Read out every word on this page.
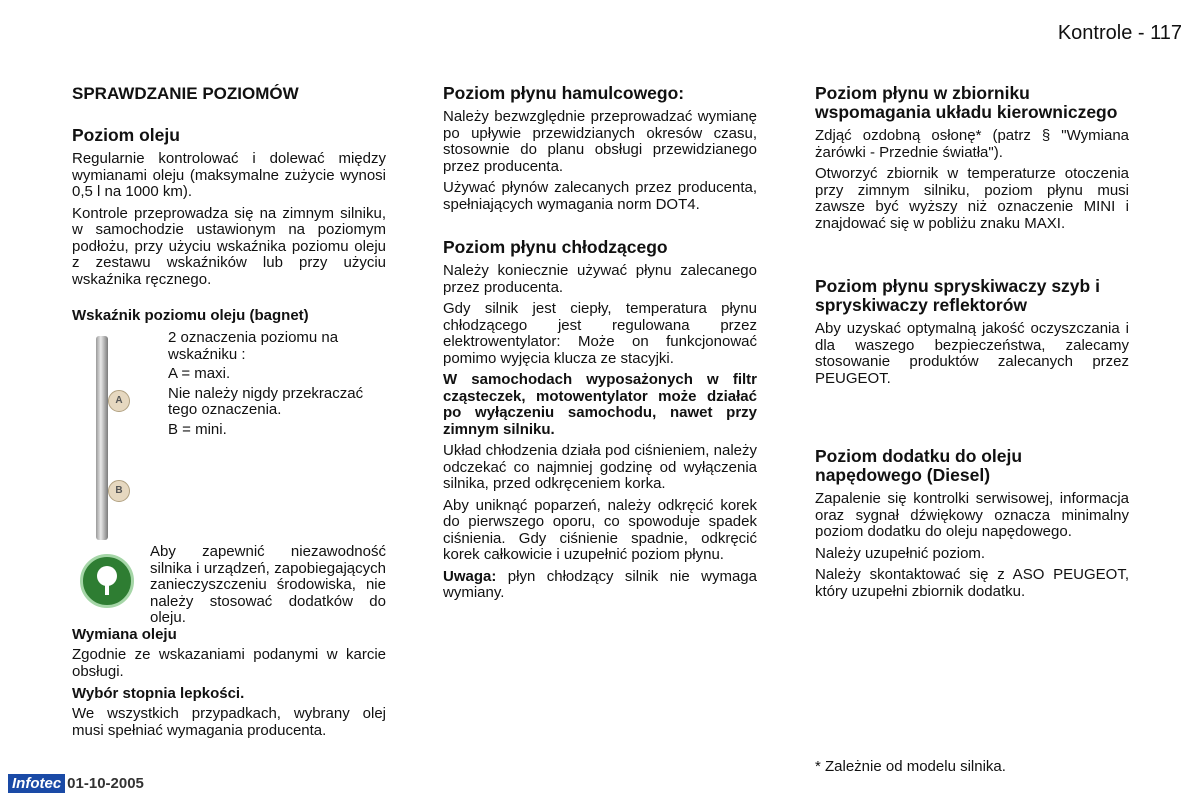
Kontrole - 117
SPRAWDZANIE POZIOMÓW
Poziom oleju

Regularnie kontrolować i dolewać między wymianami oleju (maksymalne zużycie wynosi 0,5 l na 1000 km).

Kontrole przeprowadza się na zimnym silniku, w samochodzie ustawionym na poziomym podłożu, przy użyciu wskaźnika poziomu oleju z zestawu wskaźników lub przy użyciu wskaźnika ręcznego.

Wskaźnik poziomu oleju (bagnet)
A
B

2 oznaczenia poziomu na wskaźniku :

A = maxi.

Nie należy nigdy przekraczać tego oznaczenia.

B = mini.

Aby zapewnić niezawodność silnika i urządzeń, zapobiegających zanieczyszczeniu środowiska, nie należy stosować dodatków do oleju.

Wymiana oleju

Zgodnie ze wskazaniami podanymi w karcie obsługi.

Wybór stopnia lepkości.

We wszystkich przypadkach, wybrany olej musi spełniać wymagania producenta.

Poziom płynu hamulcowego:

Należy bezwzględnie przeprowadzać wymianę po upływie przewidzianych okresów czasu, stosownie do planu obsługi przewidzianego przez producenta.

Używać płynów zalecanych przez producenta, spełniających wymagania norm DOT4.

Poziom płynu chłodzącego

Należy koniecznie używać płynu zalecanego przez producenta.

Gdy silnik jest ciepły, temperatura płynu chłodzącego jest regulowana przez elektrowentylator: Może on funkcjonować pomimo wyjęcia kluczа ze stacyjki.

W samochodach wyposażonych w filtr cząsteczek, motowentylator może działać po wyłączeniu samochodu, nawet przy zimnym silniku.

Układ chłodzenia działa pod ciśnieniem, należy odczekać co najmniej godzinę od wyłączenia silnika, przed odkręceniem korka.

Aby uniknąć poparzeń, należy odkręcić korek do pierwszego oporu, co spowoduje spadek ciśnienia. Gdy ciśnienie spadnie, odkręcić korek całkowicie i uzupełnić poziom płynu.

Uwaga: płyn chłodzący silnik nie wymaga wymiany.

Poziom płynu w zbiorniku wspomagania układu kierowniczego

Zdjąć ozdobną osłonę* (patrz § "Wymiana żarówki - Przednie światła").

Otworzyć zbiornik w temperaturze otoczenia przy zimnym silniku, poziom płynu musi zawsze być wyższy niż oznaczenie MINI i znajdować się w pobliżu znaku MAXI.

Poziom płynu spryskiwaczy szyb i spryskiwaczy reflektorów

Aby uzyskać optymalną jakość oczyszczania i dla waszego bezpieczeństwa, zalecamy stosowanie produktów zalecanych przez PEUGEOT.

Poziom dodatku do oleju napędowego (Diesel)

Zapalenie się kontrolki serwisowej, informacja oraz sygnał dźwiękowy oznacza minimalny poziom dodatku do oleju napędowego.

Należy uzupełnić poziom.

Należy skontaktować się z ASO PEUGEOT, który uzupełni zbiornik dodatku.

* Zależnie od modelu silnika.
Infotec 01-10-2005
